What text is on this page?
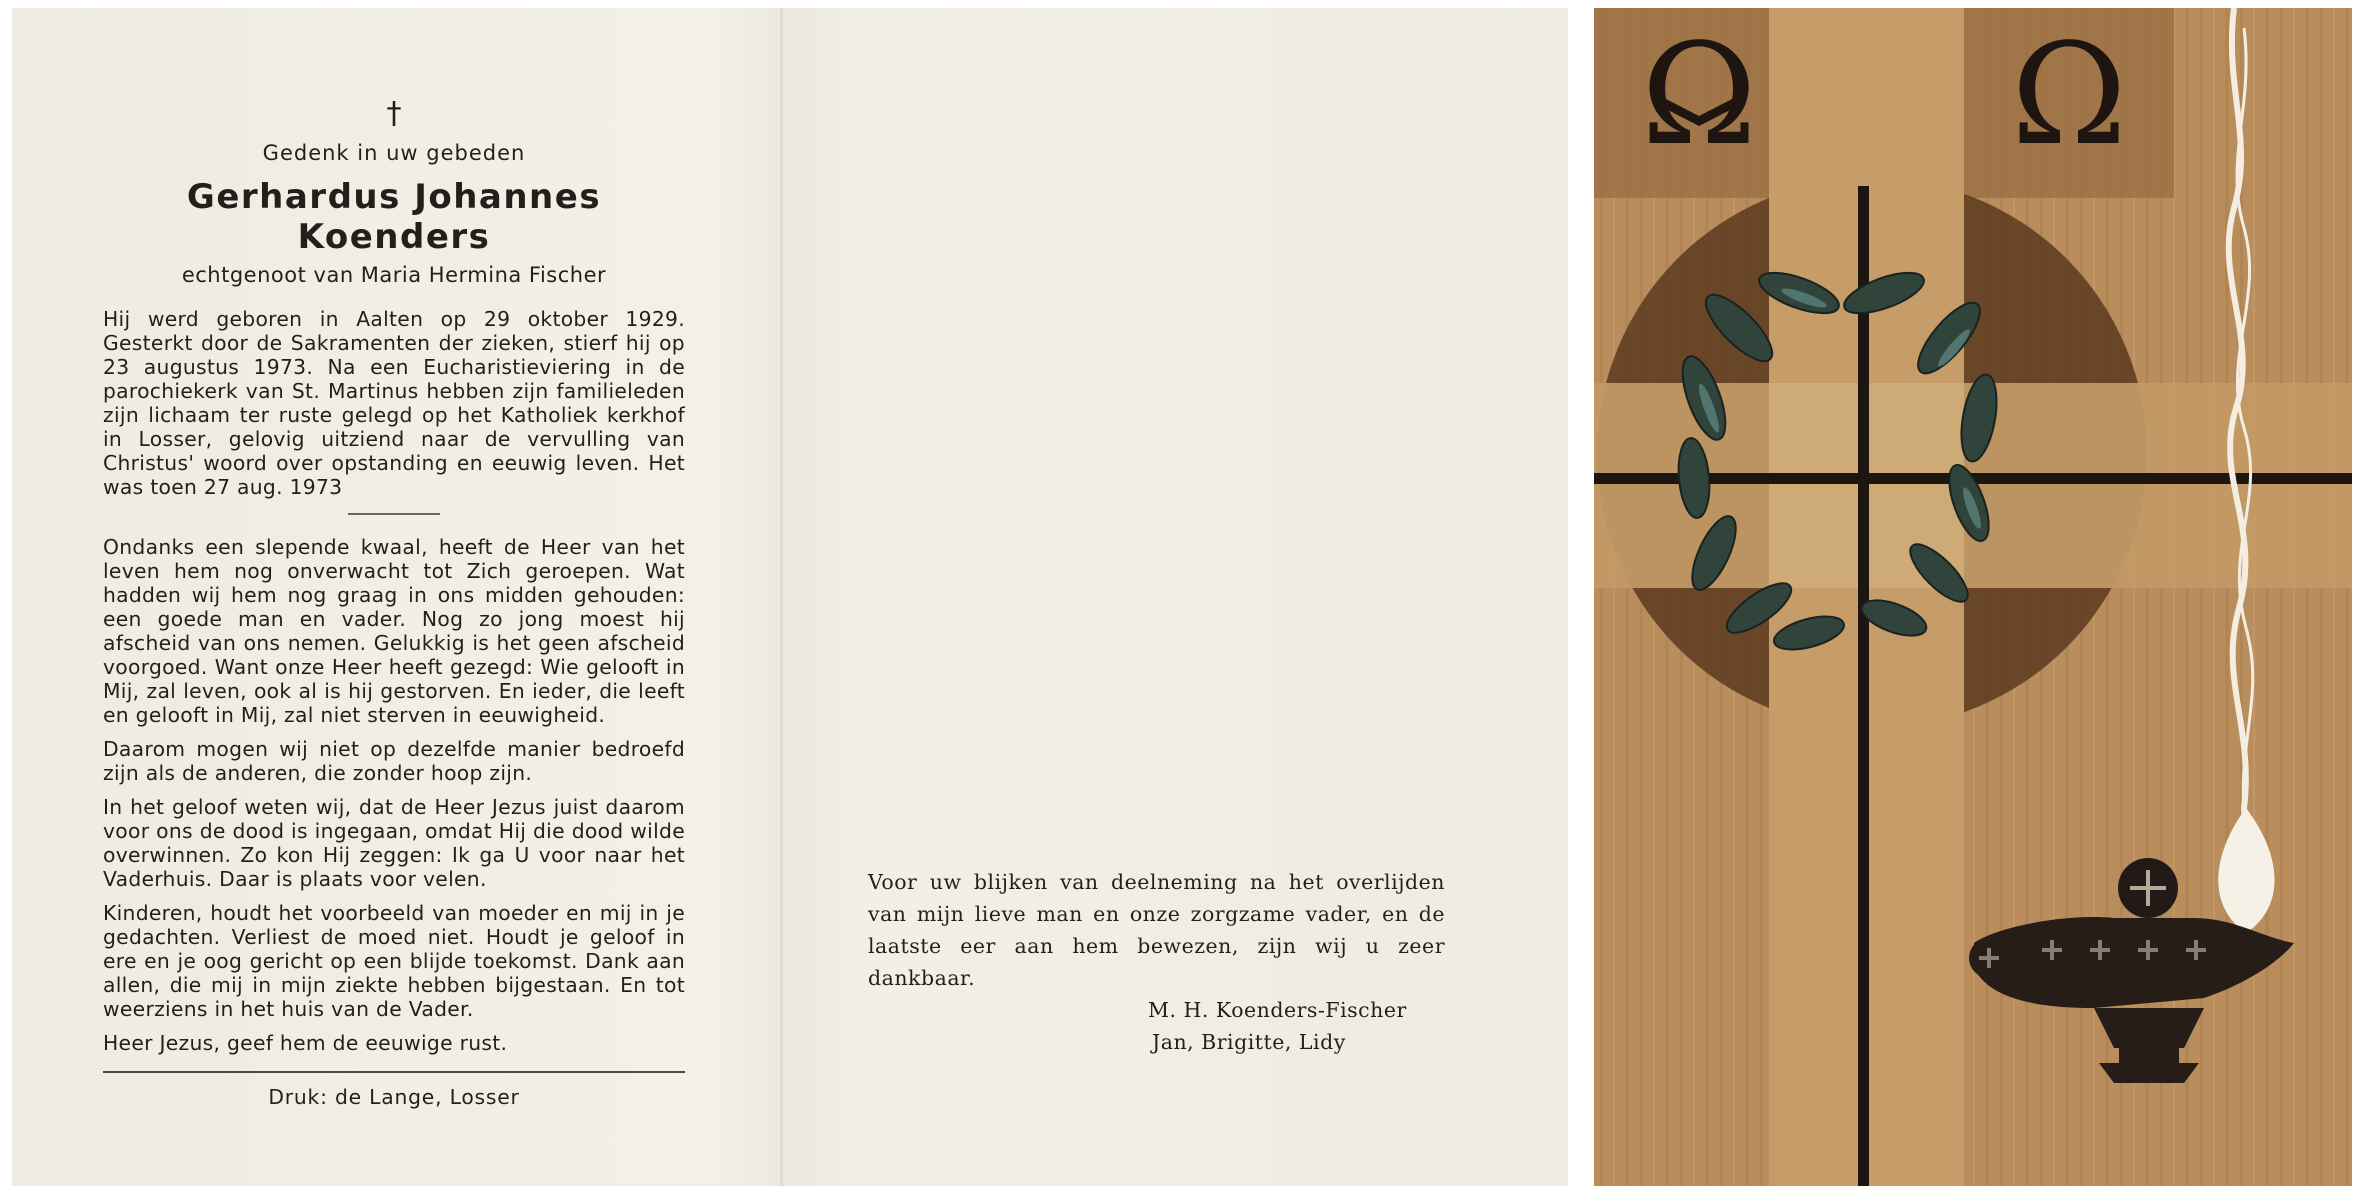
†
Gedenk in uw gebeden
Gerhardus Johannes Koenders
echtgenoot van Maria Hermina Fischer
Hij werd geboren in Aalten op 29 oktober 1929. Gesterkt door de Sakramenten der zieken, stierf hij op 23 augustus 1973. Na een Eucharistieviering in de parochiekerk van St. Martinus hebben zijn familieleden zijn lichaam ter ruste gelegd op het Katholiek kerkhof in Losser, gelovig uitziend naar de vervulling van Christus' woord over opstanding en eeuwig leven. Het was toen 27 aug. 1973
Ondanks een slepende kwaal, heeft de Heer van het leven hem nog onverwacht tot Zich geroepen. Wat hadden wij hem nog graag in ons midden gehouden: een goede man en vader. Nog zo jong moest hij afscheid van ons nemen. Gelukkig is het geen afscheid voorgoed. Want onze Heer heeft gezegd: Wie gelooft in Mij, zal leven, ook al is hij gestorven. En ieder, die leeft en gelooft in Mij, zal niet sterven in eeuwigheid.
Daarom mogen wij niet op dezelfde manier bedroefd zijn als de anderen, die zonder hoop zijn.
In het geloof weten wij, dat de Heer Jezus juist daarom voor ons de dood is ingegaan, omdat Hij die dood wilde overwinnen. Zo kon Hij zeggen: Ik ga U voor naar het Vaderhuis. Daar is plaats voor velen.
Kinderen, houdt het voorbeeld van moeder en mij in je gedachten. Verliest de moed niet. Houdt je geloof in ere en je oog gericht op een blijde toekomst. Dank aan allen, die mij in mijn ziekte hebben bijgestaan. En tot weerziens in het huis van de Vader.
Heer Jezus, geef hem de eeuwige rust.
Druk: de Lange, Losser
Voor uw blijken van deelneming na het overlijden van mijn lieve man en onze zorgzame vader, en de laatste eer aan hem bewezen, zijn wij u zeer dankbaar.
M. H. Koenders-Fischer
Jan, Brigitte, Lidy
Ω Ω
